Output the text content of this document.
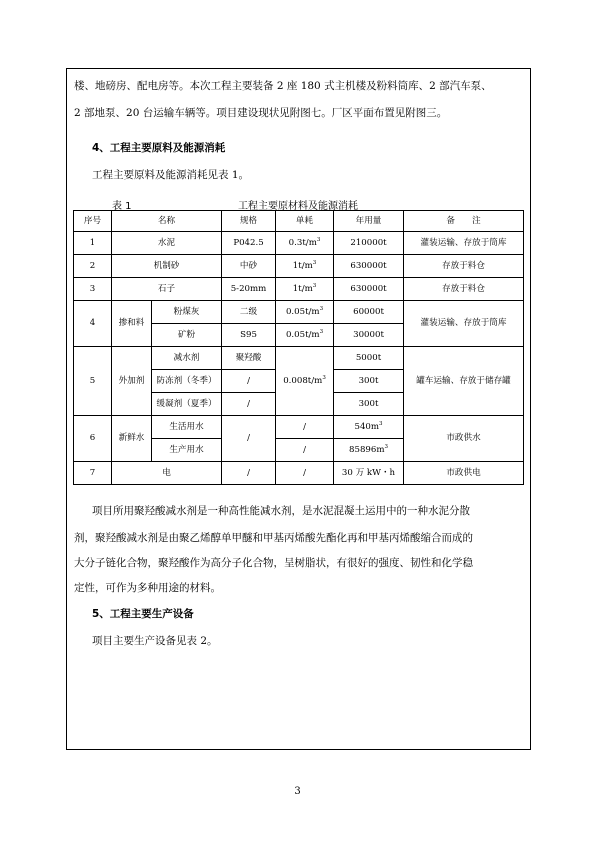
楼、地磅房、配电房等。本次工程主要装备 2 座 180 式主机楼及粉料筒库、2 部汽车泵、
2 部地泵、20 台运输车辆等。项目建设现状见附图七。厂区平面布置见附图三。
4、工程主要原料及能源消耗
工程主要原料及能源消耗见表 1。
表 1	工程主要原材料及能源消耗
序号	名称		规格	单耗	年用量	备　　注
1	水泥		P042.5	$0.3t/m^3$	210000t	灌装运输、存放于筒库
2	机制砂		中砂	$1t/m^3$	630000t	存放于料仓
3	石子		5-20mm	$1t/m^3$	630000t	存放于料仓
4	掺和料	粉煤灰	二级	$0.05t/m^3$	60000t	灌装运输、存放于筒库
		矿粉	S95	$0.05t/m^3$	30000t	
5	外加剂	减水剂	聚羟酸	$0.008t/m^3$	5000t	罐车运输、存放于储存罐
		防冻剂（冬季）	/		300t	
		缓凝剂（夏季）	/		300t	
6	新鲜水	生活用水	/	/	$540m^3$	市政供水
		生产用水		/	$85896m^3$
7	电		/	/	30 万 kW・h	市政供电
项目所用聚羟酸减水剂是一种高性能减水剂，是水泥混凝土运用中的一种水泥分散
剂，聚羟酸减水剂是由聚乙烯醇单甲醚和甲基丙烯酸先酯化再和甲基丙烯酸缩合而成的
大分子链化合物，聚羟酸作为高分子化合物，呈树脂状，有很好的强度、韧性和化学稳
定性，可作为多种用途的材料。
5、工程主要生产设备
项目主要生产设备见表 2。
3
